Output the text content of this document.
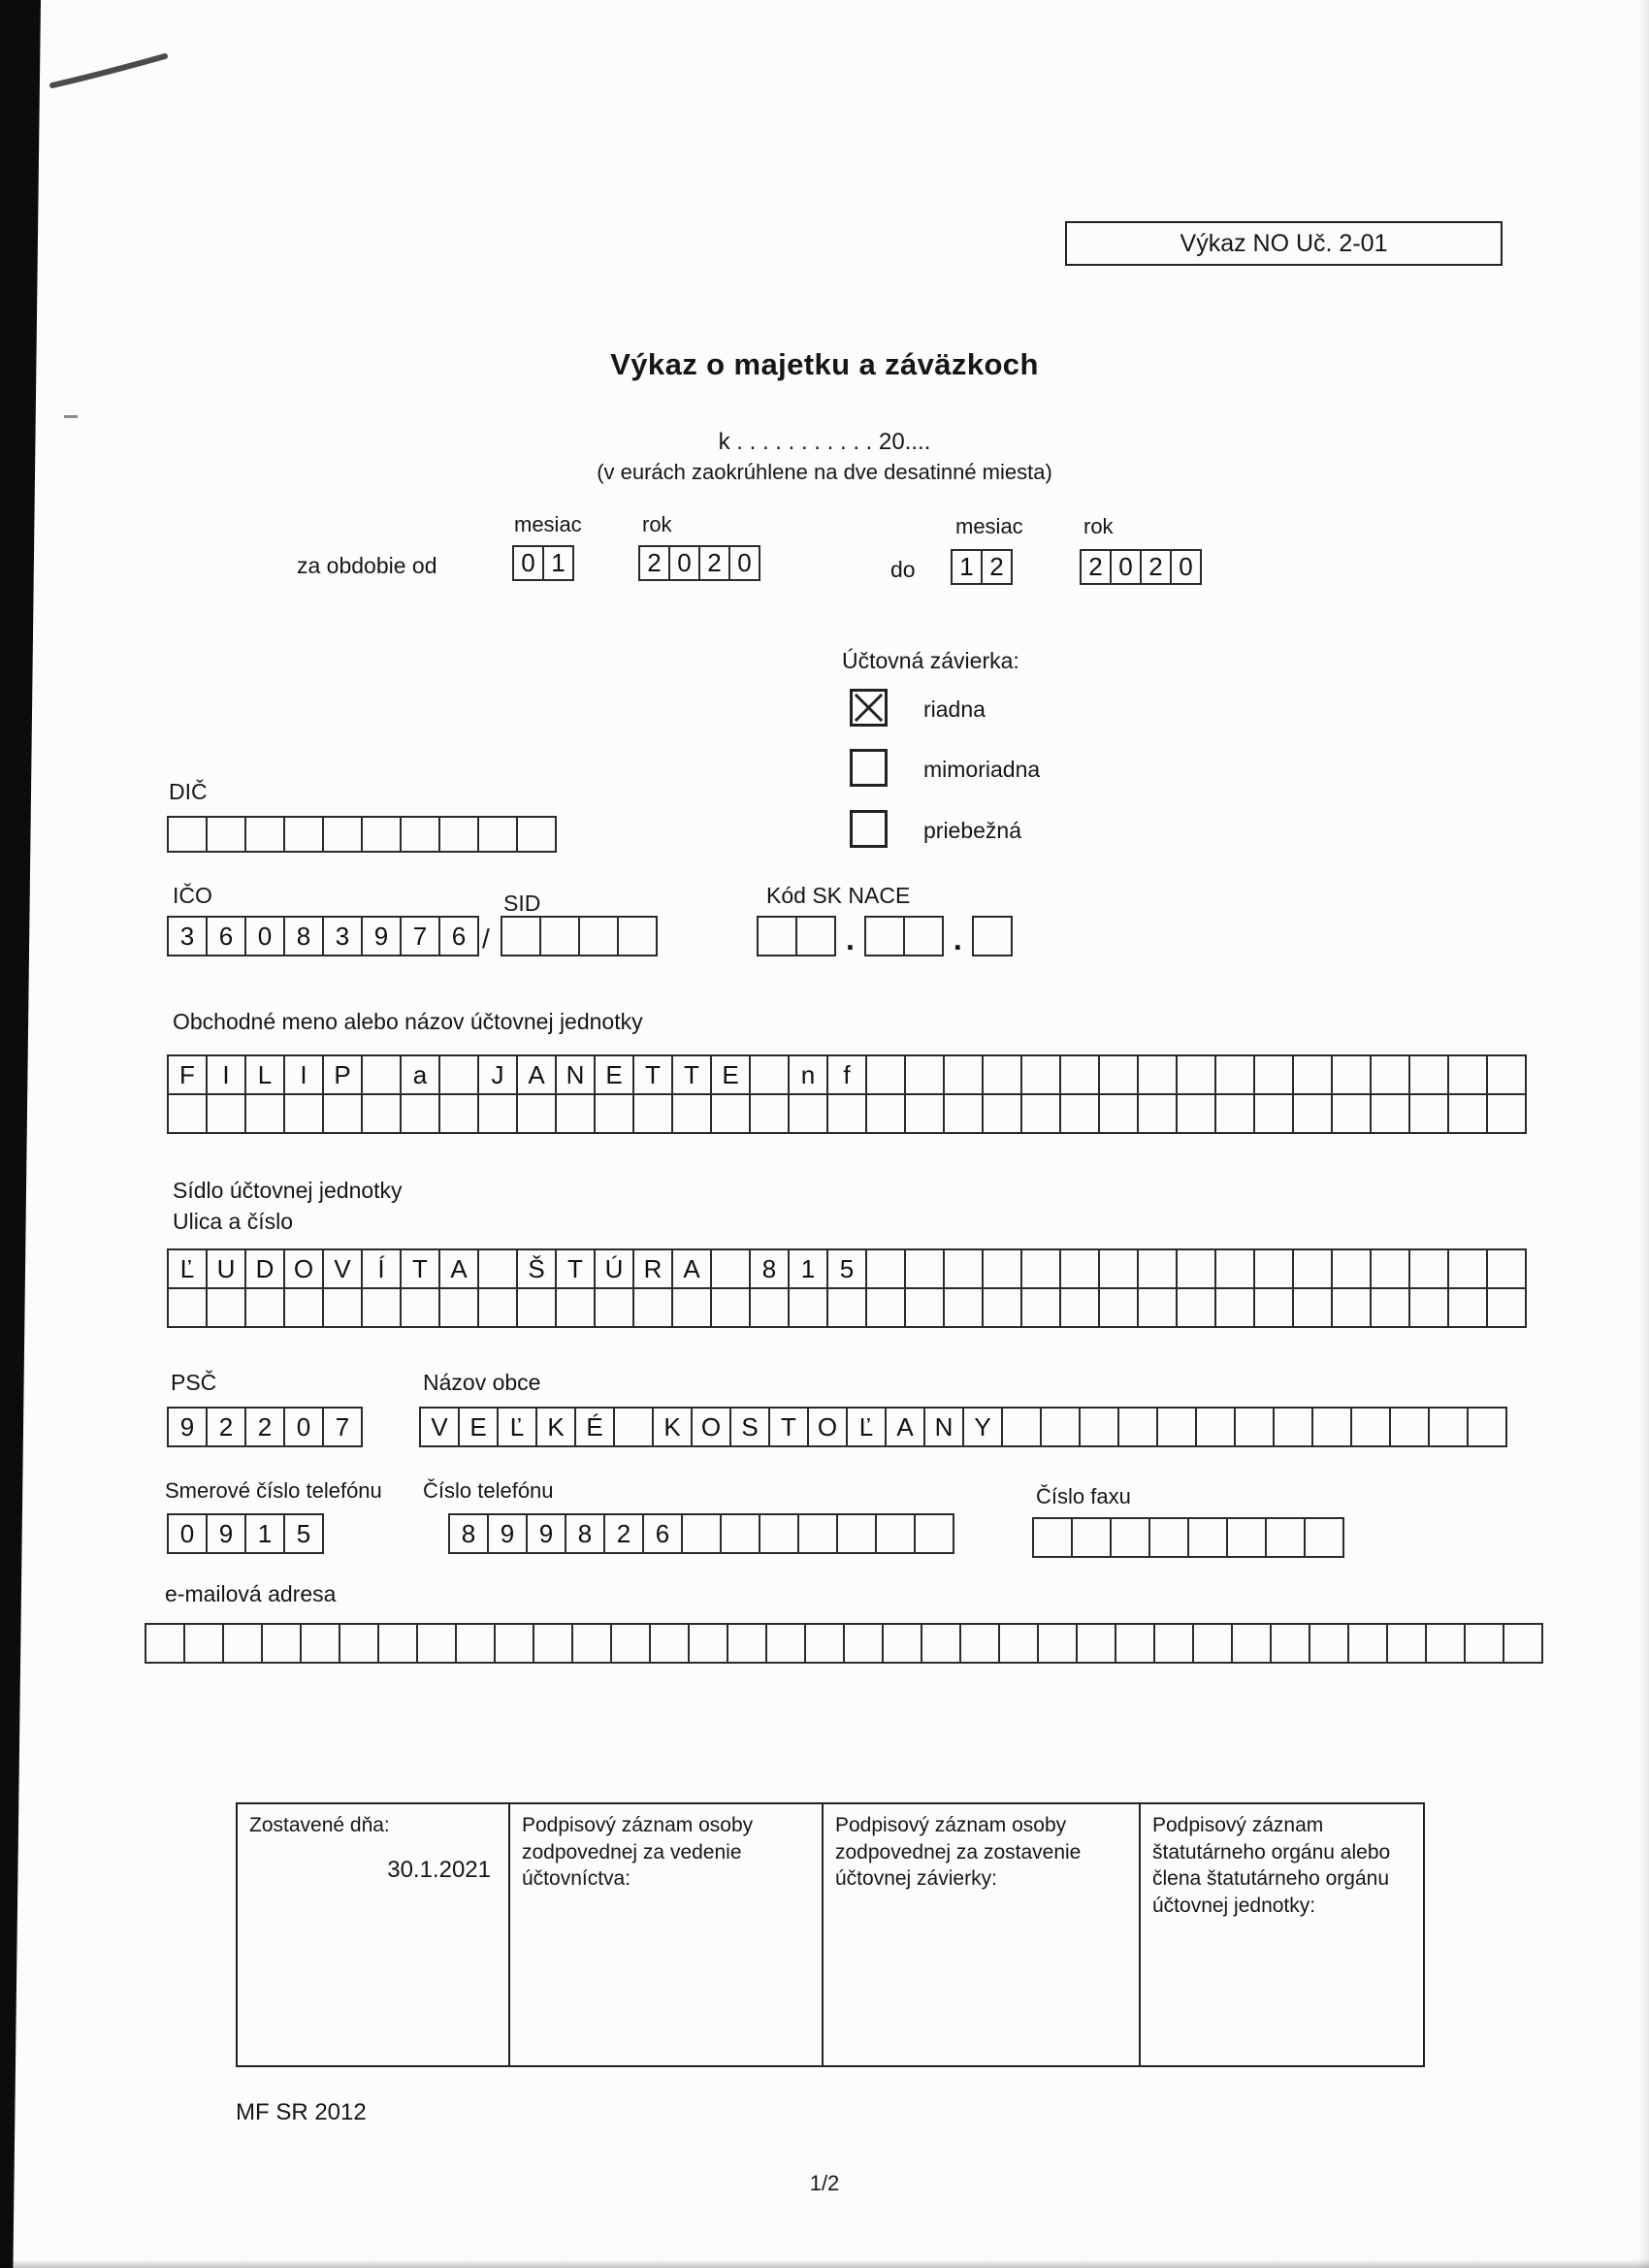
Výkaz NO Uč. 2-01
Výkaz o majetku a záväzkoch
k . . . . . . . . . . . 20....
(v eurách zaokrúhlene na dve desatinné miesta)
mesiac	rok
za obdobie od	0 1	2 0 2 0	do
mesiac	rok
1 2	2 0 2 0
Účtovná závierka:
riadna
mimoriadna
priebežná
DIČ
IČO	SID	Kód SK NACE
3 6 0 8 3 9 7 6 /	.	.
Obchodné meno alebo názov účtovnej jednotky
F	I	L	I	P	a	J A N E T T E	n	f
Sídlo účtovnej jednotky
Ulica a číslo
Ľ U D O V	Í	T A	Š T Ú R A	8 1 5
PSČ	Názov obce
9 2 2 0 7	V E Ľ K É	K O S T O Ľ A N Y
Smerové číslo telefónu Číslo telefónu	Číslo faxu
0 9 1 5	8 9 9 8 2 6
e-mailová adresa
Zostavené dňa:
30.1.2021
Podpisový záznam osoby zodpovednej za vedenie účtovníctva:
Podpisový záznam osoby zodpovednej za zostavenie účtovnej závierky:
Podpisový záznam štatutárneho orgánu alebo člena štatutárneho orgánu účtovnej jednotky:
MF SR 2012
1/2
